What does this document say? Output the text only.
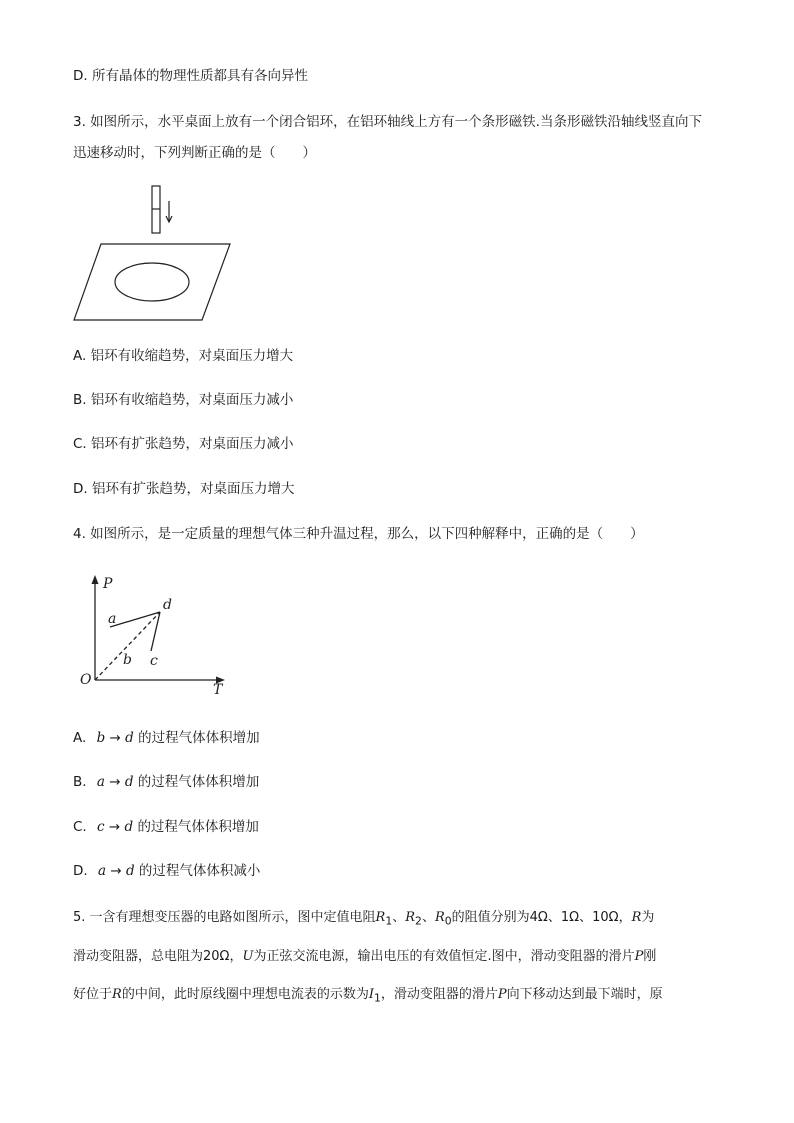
D. 所有晶体的物理性质都具有各向异性
3. 如图所示，水平桌面上放有一个闭合铝环，在铝环轴线上方有一个条形磁铁.当条形磁铁沿轴线竖直向下
迅速移动时，下列判断正确的是（　　）
A. 铝环有收缩趋势，对桌面压力增大
B. 铝环有收缩趋势，对桌面压力减小
C. 铝环有扩张趋势，对桌面压力减小
D. 铝环有扩张趋势，对桌面压力增大
4. 如图所示，是一定质量的理想气体三种升温过程，那么，以下四种解释中，正确的是（　　）
P
T
O
a
b c
d
A. b → d 的过程气体体积增加
B. a → d 的过程气体体积增加
C. c → d 的过程气体体积增加
D. a → d 的过程气体体积减小
5. 一含有理想变压器的电路如图所示，图中定值电阻$R_1$、$R_2$、$R_0$的阻值分别为4Ω、1Ω、10Ω，R为
滑动变阻器，总电阻为20Ω，U为正弦交流电源，输出电压的有效值恒定.图中，滑动变阻器的滑片P刚
好位于R的中间，此时原线圈中理想电流表的示数为$I_1$，滑动变阻器的滑片P向下移动达到最下端时，原
